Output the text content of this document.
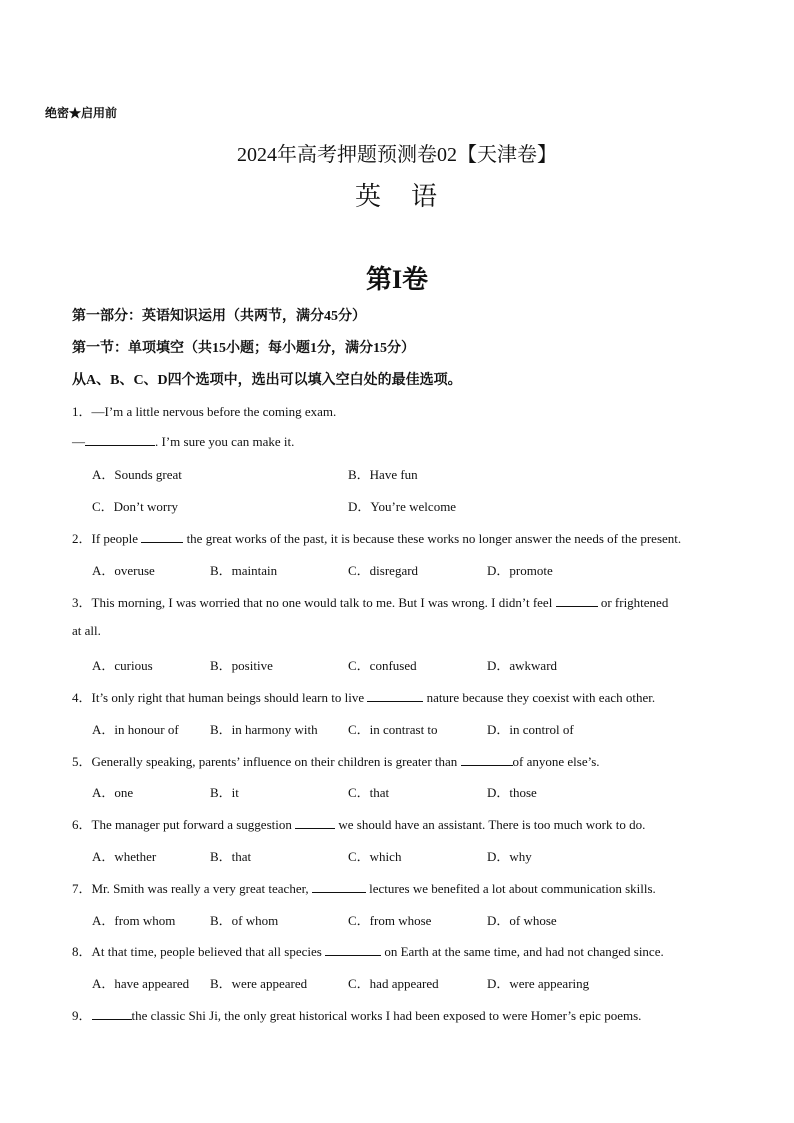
绝密★启用前
2024年高考押题预测卷02【天津卷】
英　语
第I卷
第一部分：英语知识运用（共两节，满分45分）
第一节：单项填空（共15小题；每小题1分，满分15分）
从A、B、C、D四个选项中，选出可以填入空白处的最佳选项。
1．—I’m a little nervous before the coming exam.
—	. I’m sure you can make it.
A．Sounds great	B．Have fun
C．Don’t worry	D．You’re welcome
2．If people	the great works of the past, it is because these works no longer answer the needs of the present.
A．overuse	B．maintain	C．disregard	D．promote
3．This morning, I was worried that no one would talk to me. But I was wrong. I didn’t feel	or frightened
at all.
A．curious	B．positive	C．confused	D．awkward
4．It’s only right that human beings should learn to live	nature because they coexist with each other.
A．in honour of B．in harmony with C．in contrast to	D．in control of
5．Generally speaking, parents’ influence on their children is greater than	of anyone else’s.
A．one	B．it	C．that	D．those
6．The manager put forward a suggestion	we should have an assistant. There is too much work to do.
A．whether	B．that	C．which	D．why
7．Mr. Smith was really a very great teacher,	lectures we benefited a lot about communication skills.
A．from whom	B．of whom	C．from whose	D．of whose
8．At that time, people believed that all species	on Earth at the same time, and had not changed since.
A．have appeared B．were appeared	C．had appeared	D．were appearing
9．	the classic Shi Ji, the only great historical works I had been exposed to were Homer’s epic poems.
